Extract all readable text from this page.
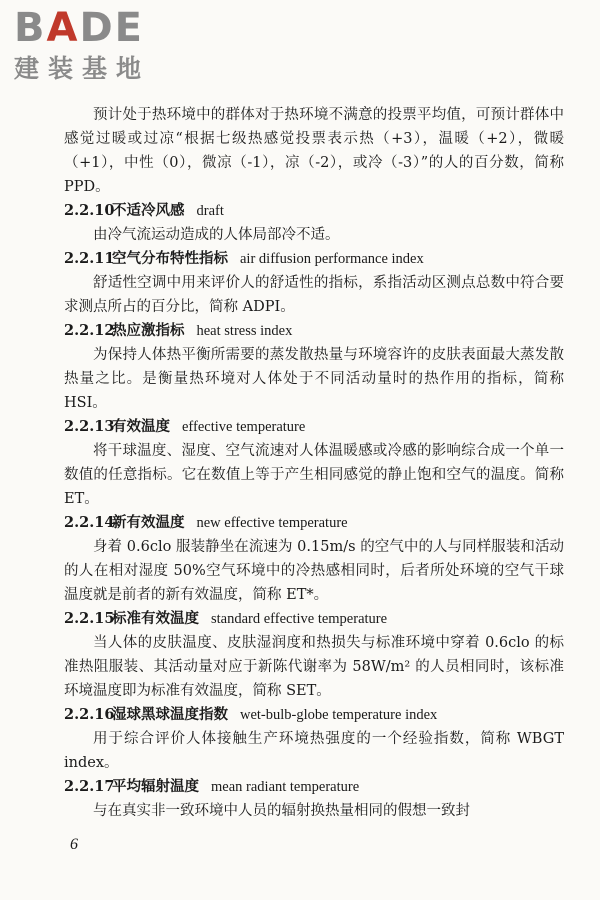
BADE
建装基地

预计处于热环境中的群体对于热环境不满意的投票平均值，可预计群体中感觉过暖或过凉“根据七级热感觉投票表示热（+3），温暖（+2），微暖（+1），中性（0），微凉（-1），凉（-2），或冷（-3）”的人的百分数，简称 PPD。

2.2.10不适冷风感 draft

由冷气流运动造成的人体局部冷不适。

2.2.11空气分布特性指标 air diffusion performance index

舒适性空调中用来评价人的舒适性的指标，系指活动区测点总数中符合要求测点所占的百分比，简称 ADPI。

2.2.12热应激指标 heat stress index

为保持人体热平衡所需要的蒸发散热量与环境容许的皮肤表面最大蒸发散热量之比。是衡量热环境对人体处于不同活动量时的热作用的指标，简称 HSI。

2.2.13有效温度 effective temperature

将干球温度、湿度、空气流速对人体温暖感或冷感的影响综合成一个单一数值的任意指标。它在数值上等于产生相同感觉的静止饱和空气的温度。简称 ET。

2.2.14新有效温度 new effective temperature

身着 0.6clo 服装静坐在流速为 0.15m/s 的空气中的人与同样服装和活动的人在相对湿度 50%空气环境中的冷热感相同时，后者所处环境的空气干球温度就是前者的新有效温度，简称 ET*。

2.2.15标准有效温度 standard effective temperature

当人体的皮肤温度、皮肤湿润度和热损失与标准环境中穿着 0.6clo 的标准热阻服装、其活动量对应于新陈代谢率为 58W/m² 的人员相同时，该标准环境温度即为标准有效温度，简称 SET。

2.2.16湿球黑球温度指数 wet-bulb-globe temperature index

用于综合评价人体接触生产环境热强度的一个经验指数，简称 WBGT index。

2.2.17平均辐射温度 mean radiant temperature

与在真实非一致环境中人员的辐射换热量相同的假想一致封

6
